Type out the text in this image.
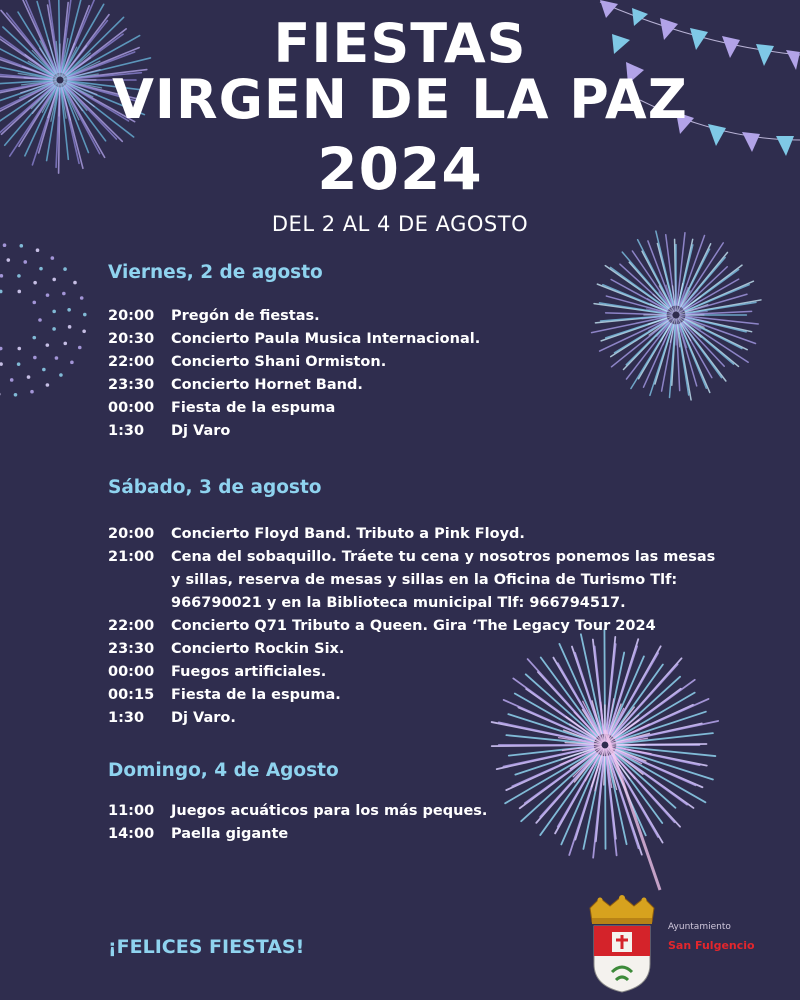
FIESTAS
VIRGEN DE LA PAZ
2024
DEL 2 AL 4 DE AGOSTO
Viernes, 2 de agosto
20:00	Pregón de fiestas.
20:30	Concierto Paula Musica Internacional.
22:00	Concierto Shani Ormiston.
23:30	Concierto Hornet Band.
00:00	Fiesta de la espuma
1:30	Dj Varo
Sábado, 3 de agosto
20:00	Concierto Floyd Band. Tributo a Pink Floyd.
21:00	Cena del sobaquillo. Tráete tu cena y nosotros ponemos las mesas y sillas, reserva de mesas y sillas en la Oficina de Turismo Tlf: 966790021 y en la Biblioteca municipal Tlf: 966794517.
22:00	Concierto Q71 Tributo a Queen. Gira ‘The Legacy Tour 2024
23:30	Concierto Rockin Six.
00:00	Fuegos artificiales.
00:15	Fiesta de la espuma.
1:30	Dj Varo.
Domingo, 4 de Agosto
11:00	Juegos acuáticos para los más peques.
14:00	Paella gigante
¡FELICES FIESTAS!
Ayuntamiento
San Fulgencio
